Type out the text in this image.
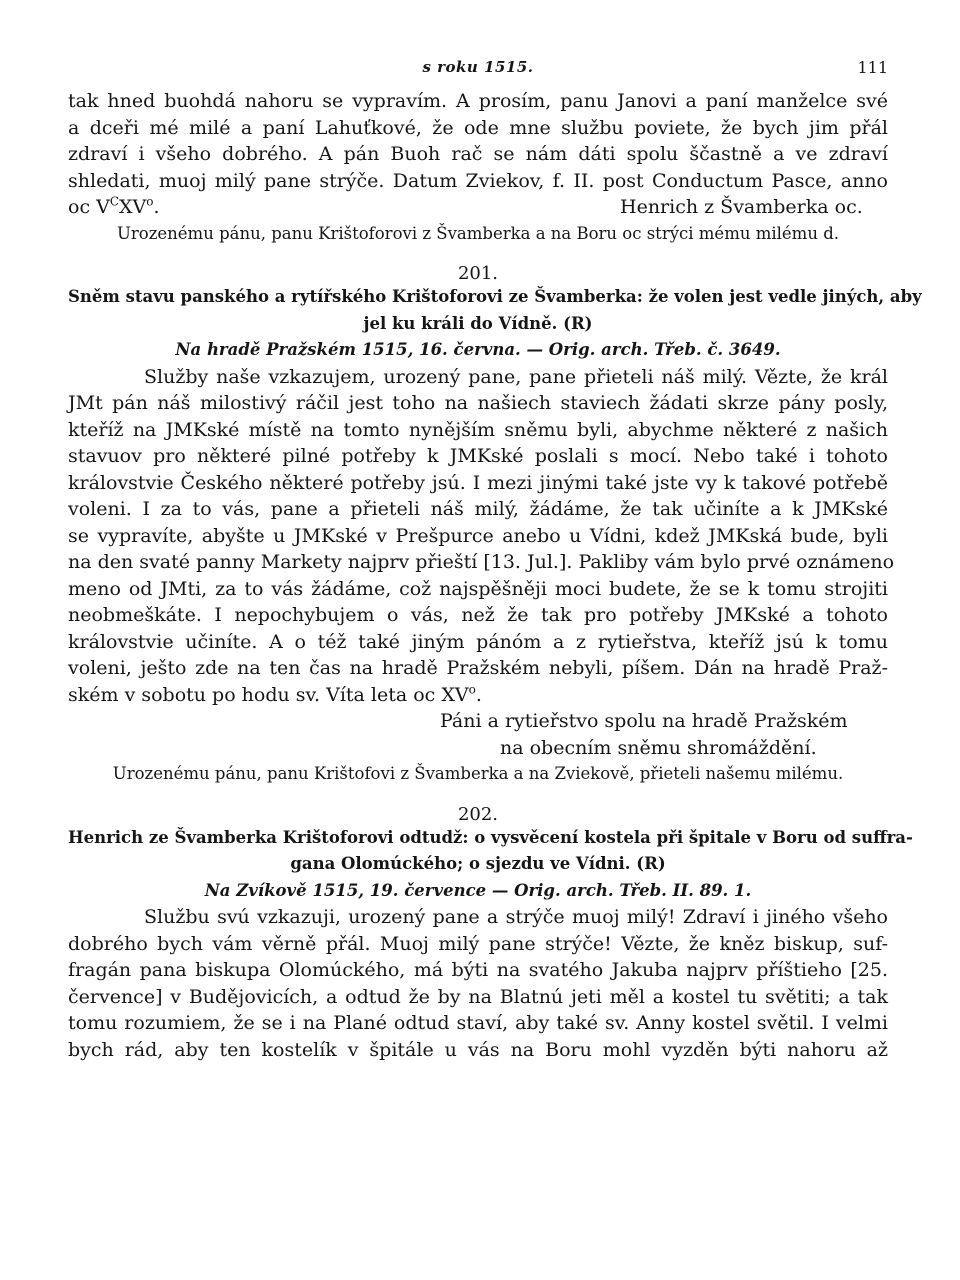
s roku 1515.	111
tak hned buohdá nahoru se vypravím. A prosím, panu Janovi a paní manželce své
a dceři mé milé a paní Lahuťkové, že ode mne službu poviete, že bych jim přál
zdraví i všeho dobrého. A pán Buoh rač se nám dáti spolu ščastně a ve zdraví
shledati, muoj milý pane strýče. Datum Zviekov, f. II. post Conductum Pasce, anno
oc $V^CXV^o$.	Henrich z Švamberka oc.
Urozenému pánu, panu Krištoforovi z Švamberka a na Boru oc strýci mému milému d.
201.
Sněm stavu panského a rytířského Krištoforovi ze Švamberka: že volen jest vedle jiných, aby
jel ku králi do Vídně. (R)
Na hradě Pražském 1515, 16. června. — Orig. arch. Třeb. č. 3649.
Služby naše vzkazujem, urozený pane, pane přieteli náš milý. Vězte, že král
JMt pán náš milostivý ráčil jest toho na našiech staviech žádati skrze pány posly,
kteříž na JMKské místě na tomto nynějším sněmu byli, abychme některé z našich
stavuov pro některé pilné potřeby k JMKské poslali s mocí. Nebo také i tohoto
královstvie Českého některé potřeby jsú. I mezi jinými také jste vy k takové potřebě
voleni. I za to vás, pane a přieteli náš milý, žádáme, že tak učiníte a k JMKské
se vypravíte, abyšte u JMKské v Prešpurce anebo u Vídni, kdež JMKská bude, byli
na den svaté panny Markety najprv přieští [13. Jul.]. Pakliby vám bylo prvé oznámeno
meno od JMti, za to vás žádáme, což najspěšněji moci budete, že se k tomu strojiti
neobmeškáte. I nepochybujem o vás, než že tak pro potřeby JMKské a tohoto
královstvie učiníte. A o též také jiným pánóm a z rytieřstva, kteříž jsú k tomu
voleni, ješto zde na ten čas na hradě Pražském nebyli, píšem. Dán na hradě Praž-
ském v sobotu po hodu sv. Víta leta oc $XV^o$.
Páni a rytieřstvo spolu na hradě Pražském
na obecním sněmu shromáždění.
Urozenému pánu, panu Krištofovi z Švamberka a na Zviekově, přieteli našemu milému.
202.
Henrich ze Švamberka Krištoforovi odtudž: o vysvěcení kostela při špitale v Boru od suffra-
gana Olomúckého; o sjezdu ve Vídni. (R)
Na Zvíkově 1515, 19. července — Orig. arch. Třeb. II. 89. 1.
Službu svú vzkazuji, urozený pane a strýče muoj milý! Zdraví i jiného všeho
dobrého bych vám věrně přál. Muoj milý pane strýče! Vězte, že kněz biskup, suf-
fragán pana biskupa Olomúckého, má býti na svatého Jakuba najprv příštieho [25.
července] v Budějovicích, a odtud že by na Blatnú jeti měl a kostel tu světiti; a tak
tomu rozumiem, že se i na Plané odtud staví, aby také sv. Anny kostel světil. I velmi
bych rád, aby ten kostelík v špitále u vás na Boru mohl vyzděn býti nahoru až
